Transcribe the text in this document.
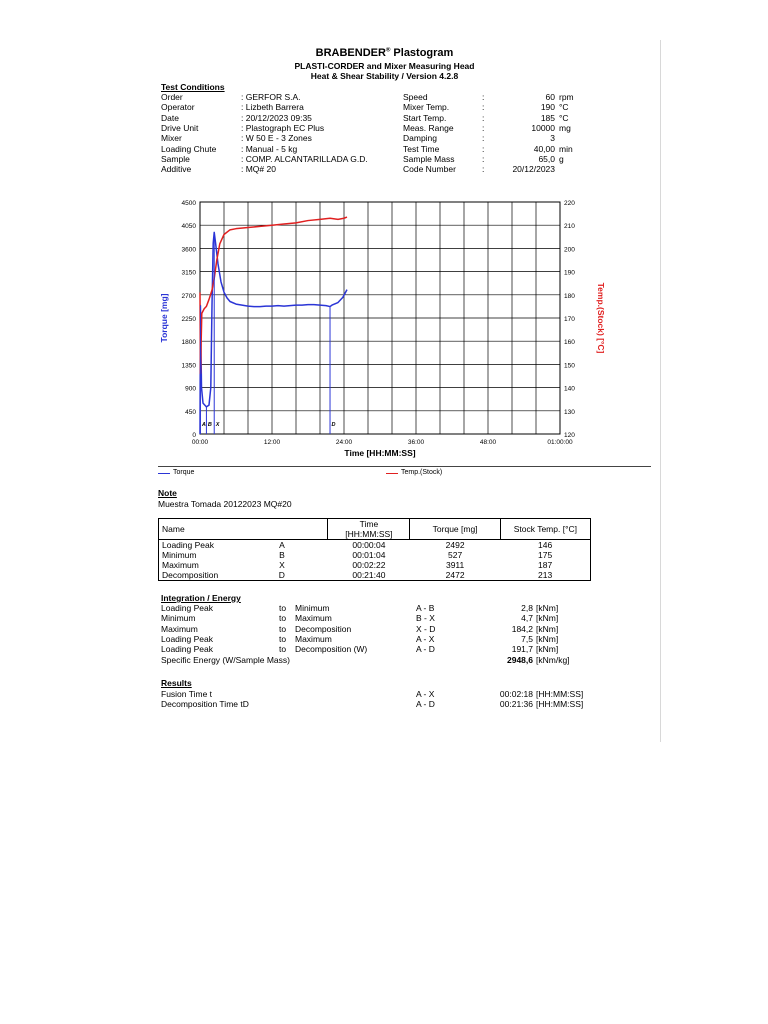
BRABENDER® Plastogram
PLASTI-CORDER and Mixer Measuring Head
Heat & Shear Stability / Version 4.2.8
Test Conditions
Order	: GERFOR S.A.
Operator	: Lizbeth Barrera
Date	: 20/12/2023 09:35
Drive Unit	: Plastograph EC Plus
Mixer	: W 50 E - 3 Zones
Loading Chute	: Manual - 5 kg
Sample	: COMP. ALCANTARILLADA G.D.
Additive	: MQ# 20
Speed	:	60 rpm
Mixer Temp.	:	190 °C
Start Temp.	:	185 °C
Meas. Range	:	10000 mg
Damping	:	3
Test Time	:	40,00 min
Sample Mass	:	65,0 g
Code Number	:	20/12/2023
0
450
900
1350
1800
2250
2700
3150
3600
4050
4500
120
130
140
150
160
170
180
190
200
210
220
00:00	12:00	24:00	36:00	48:00	01:00:00
A B X	D
Torque [mg]	Temp.(Stock) [°C]
Time [HH:MM:SS]
Torque	Temp.(Stock)
Note
Muestra Tomada 20122023 MQ#20
Name	Time
[HH:MM:SS]	Torque [mg]	Stock Temp. [°C]
Loading Peak A	00:00:04	2492	146
Minimum B	00:01:04	527	175
Maximum X	00:02:22	3911	187
Decomposition D	00:21:40	2472	213
Integration / Energy
Loading Peak	to Minimum	A - B	2,8 [kNm]
Minimum	to Maximum	B - X	4,7 [kNm]
Maximum	to Decomposition	X - D	184,2 [kNm]
Loading Peak	to Maximum	A - X	7,5 [kNm]
Loading Peak	to Decomposition (W)	A - D	191,7 [kNm]
Specific Energy (W/Sample Mass)	2948,6 [kNm/kg]
Results
Fusion Time t	A - X	00:02:18 [HH:MM:SS]
Decomposition Time tD	A - D	00:21:36 [HH:MM:SS]
